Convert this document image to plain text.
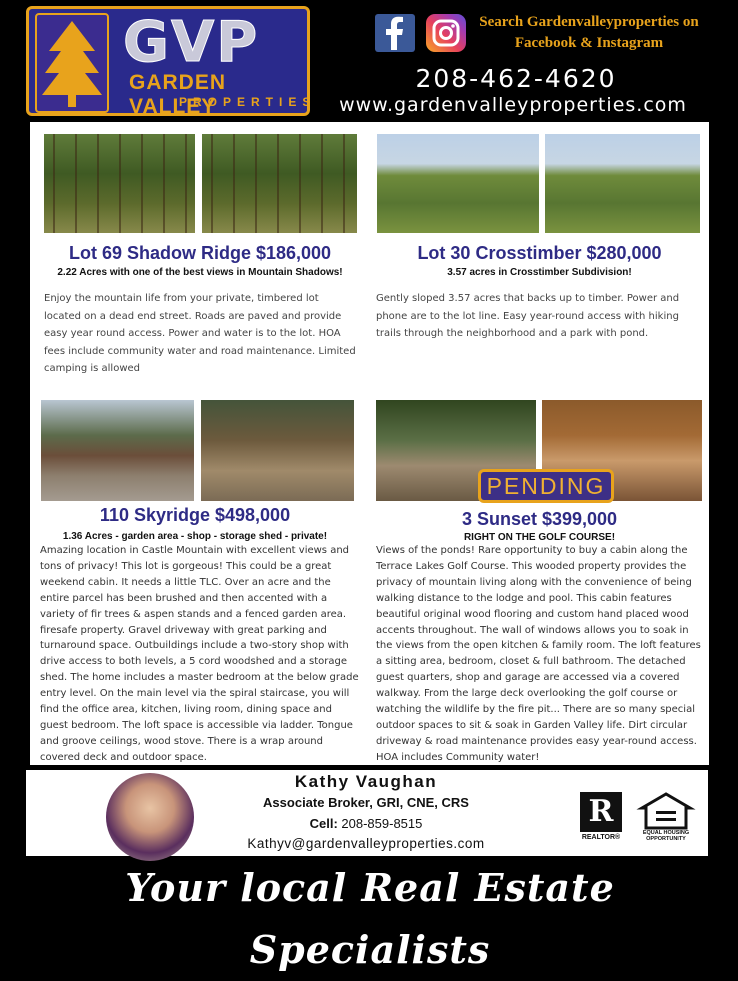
GVP
GARDEN VALLEY
PROPERTIES
Search Gardenvalleyproperties on
Facebook & Instagram
208-462-4620
www.gardenvalleyproperties.com
Lot 69 Shadow Ridge $186,000
2.22 Acres with one of the best views in Mountain Shadows!
Enjoy the mountain life from your private, timbered lot located on a dead end street. Roads are paved and provide easy year round access. Power and water is to the lot. HOA fees include community water and road maintenance. Limited camping is allowed
Lot 30 Crosstimber $280,000
3.57 acres in Crosstimber Subdivision!
Gently sloped 3.57 acres that backs up to timber. Power and phone are to the lot line. Easy year-round access with hiking trails through the neighborhood and a park with pond.
110 Skyridge $498,000
1.36 Acres - garden area - shop - storage shed - private!
Amazing location in Castle Mountain with excellent views and tons of privacy! This lot is gorgeous! This could be a great weekend cabin. It needs a little TLC. Over an acre and the entire parcel has been brushed and then accented with a variety of fir trees & aspen stands and a fenced garden area. firesafe property. Gravel driveway with great parking and turnaround space. Outbuildings include a two-story shop with drive access to both levels, a 5 cord woodshed and a storage shed. The home includes a master bedroom at the below grade entry level. On the main level via the spiral staircase, you will find the office area, kitchen, living room, dining space and guest bedroom. The loft space is accessible via ladder. Tongue and groove ceilings, wood stove. There is a wrap around covered deck and outdoor space.
PENDING
3 Sunset $399,000
RIGHT ON THE GOLF COURSE!
Views of the ponds! Rare opportunity to buy a cabin along the Terrace Lakes Golf Course. This wooded property provides the privacy of mountain living along with the convenience of being walking distance to the lodge and pool. This cabin features beautiful original wood flooring and custom hand placed wood accents throughout. The wall of windows allows you to soak in the views from the open kitchen & family room. The loft features a sitting area, bedroom, closet & full bathroom. The detached guest quarters, shop and garage are accessed via a covered walkway. From the large deck overlooking the golf course or watching the wildlife by the fire pit... There are so many special outdoor spaces to sit & soak in Garden Valley life. Dirt circular driveway & road maintenance provides easy year-round access. HOA includes Community water!
Kathy Vaughan
Associate Broker, GRI, CNE, CRS
Cell: 208-859-8515
Kathyv@gardenvalleyproperties.com
R
REALTOR®
EQUAL HOUSING
OPPORTUNITY
Your local Real Estate Specialists
